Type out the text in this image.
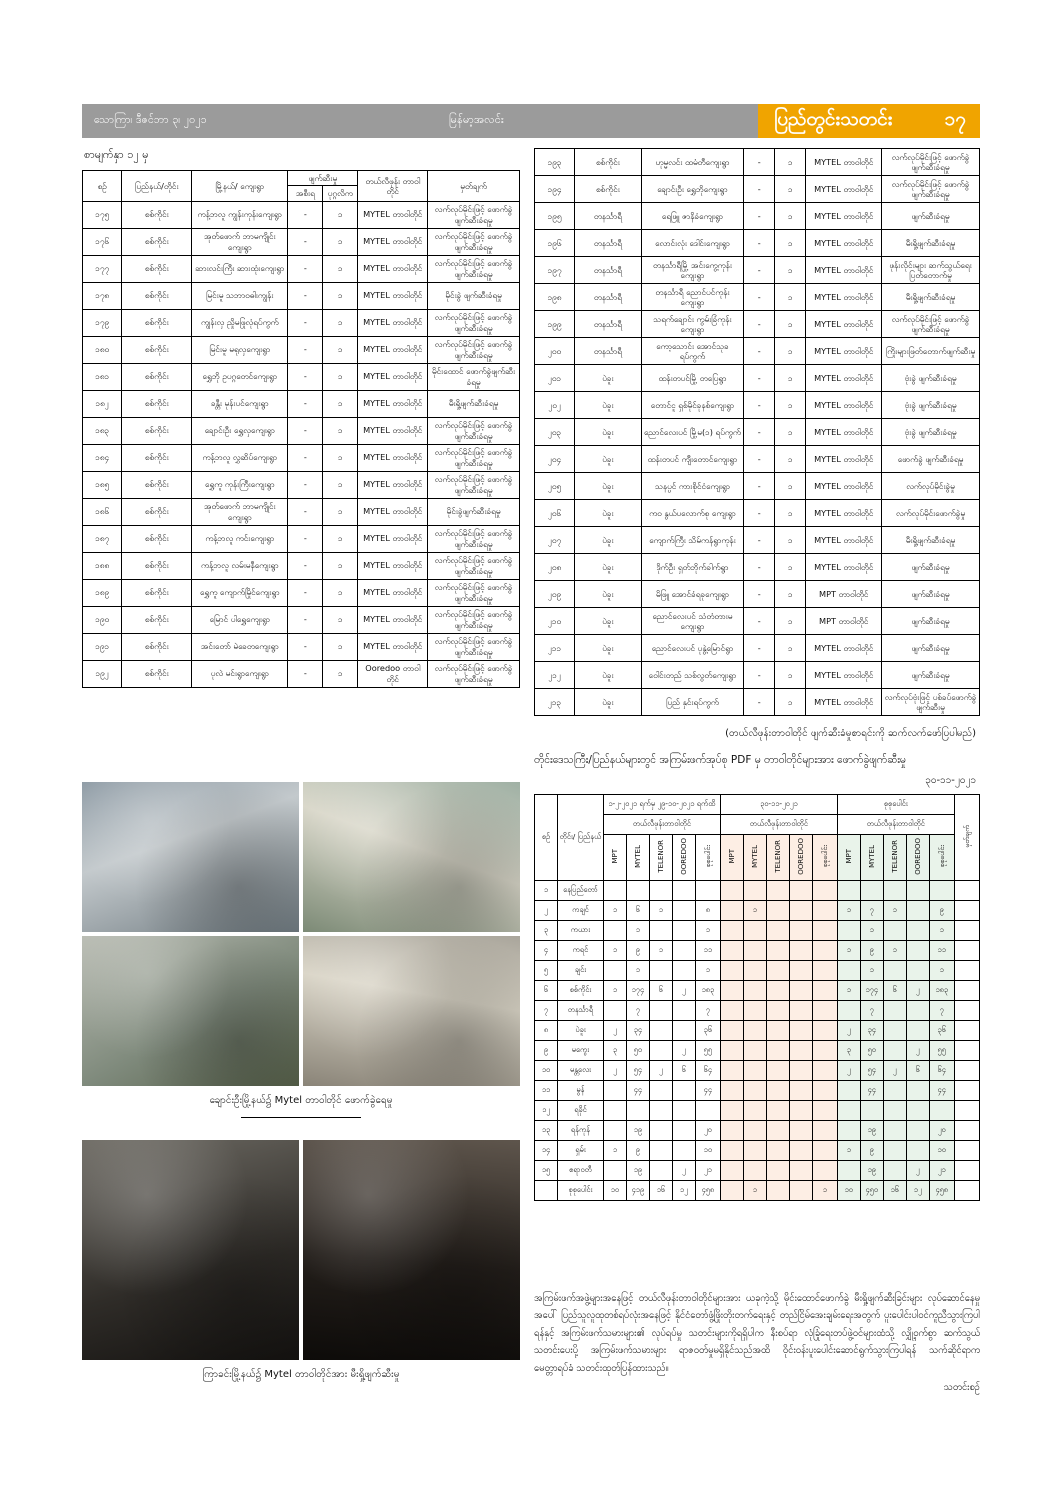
သောကြာ၊ ဒီဇင်ဘာ ၃၊ ၂၀၂၁	မြန်မာ့အလင်း	ပြည်တွင်းသတင်း	၁၇
စာမျက်နှာ ၁၂ မှ
စဉ်	ပြည်နယ်/တိုင်း	မြို့နယ်/ ကျေးရွာ	ဖျက်ဆီးမှု		တယ်လီဖုန်း တာဝါတိုင်	မှတ်ချက်
			အစီးရ	ပုဂ္ဂလိက		
၁၇၅	စစ်ကိုင်း	ကန့်ဘလူ ကျွန်းကုန်းကျေးရွာ	-	၁	MYTEL တာဝါတိုင်	လက်လုပ်မိုင်းဖြင့် ဖောက်ခွဲဖျက်ဆီးခံရမှု
၁၇၆	စစ်ကိုင်း	အုတ်ဖောက် ဘာမကျိုင်းကျေးရွာ	-	၁	MYTEL တာဝါတိုင်	လက်လုပ်မိုင်းဖြင့် ဖောက်ခွဲဖျက်ဆီးခံရမှု
၁၇၇	စစ်ကိုင်း	ဆားလင်းကြီး ဆားထုံးကျေးရွာ	-	၁	MYTEL တာဝါတိုင်	လက်လုပ်မိုင်းဖြင့် ဖောက်ခွဲဖျက်ဆီးခံရမှု
၁၇၈	စစ်ကိုင်း	မြင်းမူ သဘာဝဓါးကျွန်း	-	၁	MYTEL တာဝါတိုင်	မိုင်းခွဲ ဖျက်ဆီးခံရမှု
၁၇၉	စစ်ကိုင်း	ကျွန်းလှ ညှိုမဖြုလုံရပ်ကွက်	-	၁	MYTEL တာဝါတိုင်	လက်လုပ်မိုင်းဖြင့် ဖောက်ခွဲဖျက်ဆီးခံရမှု
၁၈၀	စစ်ကိုင်း	မြင်းမူ မရုလှကျေးရွာ	-	၁	MYTEL တာဝါတိုင်	လက်လုပ်မိုင်းဖြင့် ဖောက်ခွဲဖျက်ဆီးခံရမှု
၁၈၁	စစ်ကိုင်း	ရွှေဘို ဥပဂ္ဂတေင်ကျေးရွာ	-	၁	MYTEL တာဝါတိုင်	မိုင်းထောင် ဖောက်ခွဲဖျက်ဆီးခံရမှု
၁၈၂	စစ်ကိုင်း	ခန္တီး မုန်းပင်ကျေးရွာ	-	၁	MYTEL တာဝါတိုင်	မီးရှို့ဖျက်ဆီးခံရမှု
၁၈၃	စစ်ကိုင်း	ချောင်းဦး ရွှေလှကျေးရွာ	-	၁	MYTEL တာဝါတိုင်	လက်လုပ်မိုင်းဖြင့် ဖောက်ခွဲဖျက်ဆီးခံရမှု
၁၈၄	စစ်ကိုင်း	ကန့်ဘလူ လွှဆိပ်ကျေးရွာ	-	၁	MYTEL တာဝါတိုင်	လက်လုပ်မိုင်းဖြင့် ဖောက်ခွဲဖျက်ဆီးခံရမှု
၁၈၅	စစ်ကိုင်း	ရွှေကူ ကုန်းကြီးကျေးရွာ	-	၁	MYTEL တာဝါတိုင်	လက်လုပ်မိုင်းဖြင့် ဖောက်ခွဲဖျက်ဆီးခံရမှု
၁၈၆	စစ်ကိုင်း	အုတ်ဖောက် ဘာမကျိုင်းကျေးရွာ	-	၁	MYTEL တာဝါတိုင်	မိုင်းခွဲဖျက်ဆီးခံရမှု
၁၈၇	စစ်ကိုင်း	ကန့်ဘလူ ကင်းကျေးရွာ	-	၁	MYTEL တာဝါတိုင်	လက်လုပ်မိုင်းဖြင့် ဖောက်ခွဲဖျက်ဆီးခံရမှု
၁၈၈	စစ်ကိုင်း	ကန့်ဘလူ လမ်းမနီကျေးရွာ	-	၁	MYTEL တာဝါတိုင်	လက်လုပ်မိုင်းဖြင့် ဖောက်ခွဲဖျက်ဆီးခံရမှု
၁၈၉	စစ်ကိုင်း	ရွှေကူ ကျောက်မြိုင်ကျေးရွာ	-	၁	MYTEL တာဝါတိုင်	လက်လုပ်မိုင်းဖြင့် ဖောက်ခွဲဖျက်ဆီးခံရမှု
၁၉၀	စစ်ကိုင်း	မြောင် ပါရွှေကျေးရွာ	-	၁	MYTEL တာဝါတိုင်	လက်လုပ်မိုင်းဖြင့် ဖောက်ခွဲဖျက်ဆီးခံရမှု
၁၉၁	စစ်ကိုင်း	အင်းတော် မဲခေတကျေးရွာ	-	၁	MYTEL တာဝါတိုင်	လက်လုပ်မိုင်းဖြင့် ဖောက်ခွဲဖျက်ဆီးခံရမှု
၁၉၂	စစ်ကိုင်း	ပုလဲ မင်းရွာကျေးရွာ	-	၁	Ooredoo တာဝါတိုင်	လက်လုပ်မိုင်းဖြင့် ဖောက်ခွဲဖျက်ဆီးခံရမှု
၁၉၃	စစ်ကိုင်း	ဟုမ္မလင်း ထမံတီကျေးရွာ	-	၁	MYTEL တာဝါတိုင်	လက်လုပ်မိုင်းဖြင့် ဖောက်ခွဲဖျက်ဆီးခံရမှု
၁၉၄	စစ်ကိုင်း	ချောင်းဦး ရွှေဘိုကျေးရွာ	-	၁	MYTEL တာဝါတိုင်	လက်လုပ်မိုင်းဖြင့် ဖောက်ခွဲဖျက်ဆီးခံရမှု
၁၉၅	တနင်္သာရီ	ရေဖြူ ဇာနိခံကျေးရွာ	-	၁	MYTEL တာဝါတိုင်	ဖျက်ဆီးခံရမှု
၁၉၆	တနင်္သာရီ	လောင်းလုံး ဒေါင်းကျေးရွာ	-	၁	MYTEL တာဝါတိုင်	မီးရှို့ဖျက်ဆီးခံရမှု
၁၉၇	တနင်္သာရီ	တနင်္သာရီမြို့ အင်းကွေ့ကုန်းကျေးရွာ	-	၁	MYTEL တာဝါတိုင်	ဖုန်းလိုင်းများ ဆက်သွယ်ရေးပြတ်တောက်မှု
၁၉၈	တနင်္သာရီ	တနင်္သာရီ ညောင်ပင်ကုန်းကျေးရွာ	-	၁	MYTEL တာဝါတိုင်	မီးရှို့ဖျက်ဆီးခံရမှု
၁၉၉	တနင်္သာရီ	သရက်ချောင်း ကွမ်းခြံကုန်းကျေးရွာ	-	၁	MYTEL တာဝါတိုင်	လက်လုပ်မိုင်းဖြင့် ဖောက်ခွဲဖျက်ဆီးခံရမှု
၂၀၀	တနင်္သာရီ	ကော့သောင်း အောင်သုခရပ်ကွက်	-	၁	MYTEL တာဝါတိုင်	ကြိုးများဖြတ်တောက်ဖျက်ဆီးမှု
၂၀၁	ပဲခူး	ထန်းတပင်မြို့ တပြေရွာ	-	၁	MYTEL တာဝါတိုင်	ဗုံးခွဲ ဖျက်ဆီးခံရမှု
၂၀၂	ပဲခူး	တောင်ငူ ရှစ်မိုင်ခုနစ်ကျေးရွာ	-	၁	MYTEL တာဝါတိုင်	ဗုံးခွဲ ဖျက်ဆီးခံရမှု
၂၀၃	ပဲခူး	ညောင်လေးပင် မြို့မ(၁) ရပ်ကွက်	-	၁	MYTEL တာဝါတိုင်	ဗုံးခွဲ ဖျက်ဆီးခံရမှု
၂၀၄	ပဲခူး	ထန်းတပင် ကျီးတောင်ကျေးရွာ	-	၁	MYTEL တာဝါတိုင်	ဖောက်ခွဲ ဖျက်ဆီးခံရမှု
၂၀၅	ပဲခူး	သနပ္ပင် ကားစိုင်ငံကျေးရွာ	-	၁	MYTEL တာဝါတိုင်	လက်လုပ်မိုင်းခွဲမှု
၂၀၆	ပဲခူး	ကဝ နွယ်ပလောက်စု ကျေးရွာ	-	၁	MYTEL တာဝါတိုင်	လက်လုပ်မိုင်းဖောက်ခွဲမှု
၂၀၇	ပဲခူး	ကျောက်ကြီး သိမ်ကန်ရွာကုန်း	-	၁	MYTEL တာဝါတိုင်	မီးရှို့ဖျက်ဆီးခံရမှု
၂၀၈	ပဲခူး	ဒိုက်ဦး ရှတ်ဘိုက်ခါက်ရွာ	-	၁	MYTEL တာဝါတိုင်	ဖျက်ဆီးခံရမှု
၂၀၉	ပဲခူး	မိဖြူ အောင်ခံရခုကျေးရွာ	-	၁	MPT တာဝါတိုင်	ဖျက်ဆီးခံရမှု
၂၁၀	ပဲခူး	ညောင်လေးပင် သံတံတားမကျေးရွာ	-	၁	MPT တာဝါတိုင်	ဖျက်ဆီးခံရမှု
၂၁၁	ပဲခူး	ညောင်လေးပင် ပုနွဲ့မြောင်ရွာ	-	၁	MYTEL တာဝါတိုင်	ဖျက်ဆီးခံရမှု
၂၁၂	ပဲခူး	ဝေါင်းတည် သစ်လွတ်ကျေးရွာ	-	၁	MYTEL တာဝါတိုင်	ဖျက်ဆီးခံရမှု
၂၁၃	ပဲခူး	ပြည် နှင်းရပ်ကွက်	-	၁	MYTEL တာဝါတိုင်	လက်လုပ်ဗုံးဖြင့် ပစ်ခပ်ဖောက်ခွဲဖျက်ဆီးမှု
(တယ်လီဖုန်းတာဝါတိုင် ဖျက်ဆီးခံမှုစာရင်းကို ဆက်လက်ဖော်ပြပါမည်)
တိုင်းဒေသကြီး/ပြည်နယ်များတွင် အကြမ်းဖက်အုပ်စု PDF မှ တာဝါတိုင်များအား ဖောက်ခွဲဖျက်ဆီးမှု
၃၀-၁၁-၂၀၂၁
စဉ်	တိုင်း/ ပြည်နယ်	၁-၂-၂၀၂၁ ရက်မှ ၂၉-၁၀-၂၀၂၁ ရက်ထိ					၃၀-၁၁-၂၀၂၁					စုစုပေါင်း					မှတ်ချက်
		တယ်လီဖုန်းတာဝါတိုင်					တယ်လီဖုန်းတာဝါတိုင်					တယ်လီဖုန်းတာဝါတိုင်					
		MPT	MYTEL	TELENOR	OOREDOO	စုစုပေါင်း	MPT	MYTEL	TELENOR	OOREDOO	စုစုပေါင်း	MPT	MYTEL	TELENOR	OOREDOO	စုစုပေါင်း	
၁	နေပြည်တော်																
၂	ကချင်	၁	၆	၁		၈		၁				၁	၇	၁		၉	
၃	ကယား		၁			၁							၁			၁	
၄	ကရင်	၁	၉	၁		၁၁						၁	၉	၁		၁၁	
၅	ချင်း		၁			၁							၁			၁	
၆	စစ်ကိုင်း	၁	၁၇၄	၆	၂	၁၈၃						၁	၁၇၄	၆	၂	၁၈၃	
၇	တနင်္သာရီ		၇			၇							၇			၇	
၈	ပဲခူး	၂	၃၄			၃၆						၂	၃၄			၃၆	
၉	မကွေး	၃	၅၀		၂	၅၅						၃	၅၀		၂	၅၅	
၁၀	မန္တလေး	၂	၅၄	၂	၆	၆၄						၂	၅၄	၂	၆	၆၄	
၁၁	မွန်		၄၄			၄၄							၄၄			၄၄	
၁၂	ရခိုင်																
၁၃	ရန်ကုန်		၁၉			၂၀							၁၉			၂၀	
၁၄	ရှမ်း	၁	၉			၁၀						၁	၉			၁၀	
၁၅	ဧရာဝတီ		၁၉		၂	၂၁							၁၉		၂	၂၁	
	စုစုပေါင်း	၁၀	၄၁၉	၁၆	၁၂	၄၅၈		၁			၁	၁၀	၄၅၀	၁၆	၁၂	၄၅၈	
ချောင်းဦးမြို့နယ်၌ Mytel တာဝါတိုင် ဖောက်ခွဲရေမှု
ကြာခင်းမြို့နယ်၌ Mytel တာဝါတိုင်အား မီးရှို့ဖျက်ဆီးမှု
အကြမ်းဖက်အဖွဲ့များအနေဖြင့် တယ်လီဖုန်းတာဝါတိုင်များအား ယခုကဲ့သို့ မိုင်းထောင်ဖောက်ခွဲ မီးရှို့ဖျက်ဆီးခြင်းများ လုပ်ဆောင်နေမှုအပေါ် ပြည်သူလူထုတစ်ရပ်လုံးအနေဖြင့် နိုင်ငံတော်ဖွံ့ဖြိုးတိုးတက်ရေးနှင့် တည်ငြိမ်အေးချမ်းရေးအတွက် ပူးပေါင်းပါဝင်ကူညီသွားကြပါရန်နှင့် အကြမ်းဖက်သမားများ၏ လုပ်ရပ်မှု သတင်းများကိုရရှိပါက နီးစပ်ရာ လုံခြုံရေးတပ်ဖွဲ့ဝင်များထံသို့ လျှို့ဝှက်စွာ ဆက်သွယ်သတင်းပေးပို့ အကြမ်းဖက်သမားများ ရာဇဝတ်မှုမရှိနိုင်သည်အထိ ဝိုင်းဝန်းပူးပေါင်းဆောင်ရွက်သွားကြပါရန် သက်ဆိုင်ရာက မေတ္တာရပ်ခံ သတင်းထုတ်ပြန်ထားသည်။
သတင်းစဉ်
